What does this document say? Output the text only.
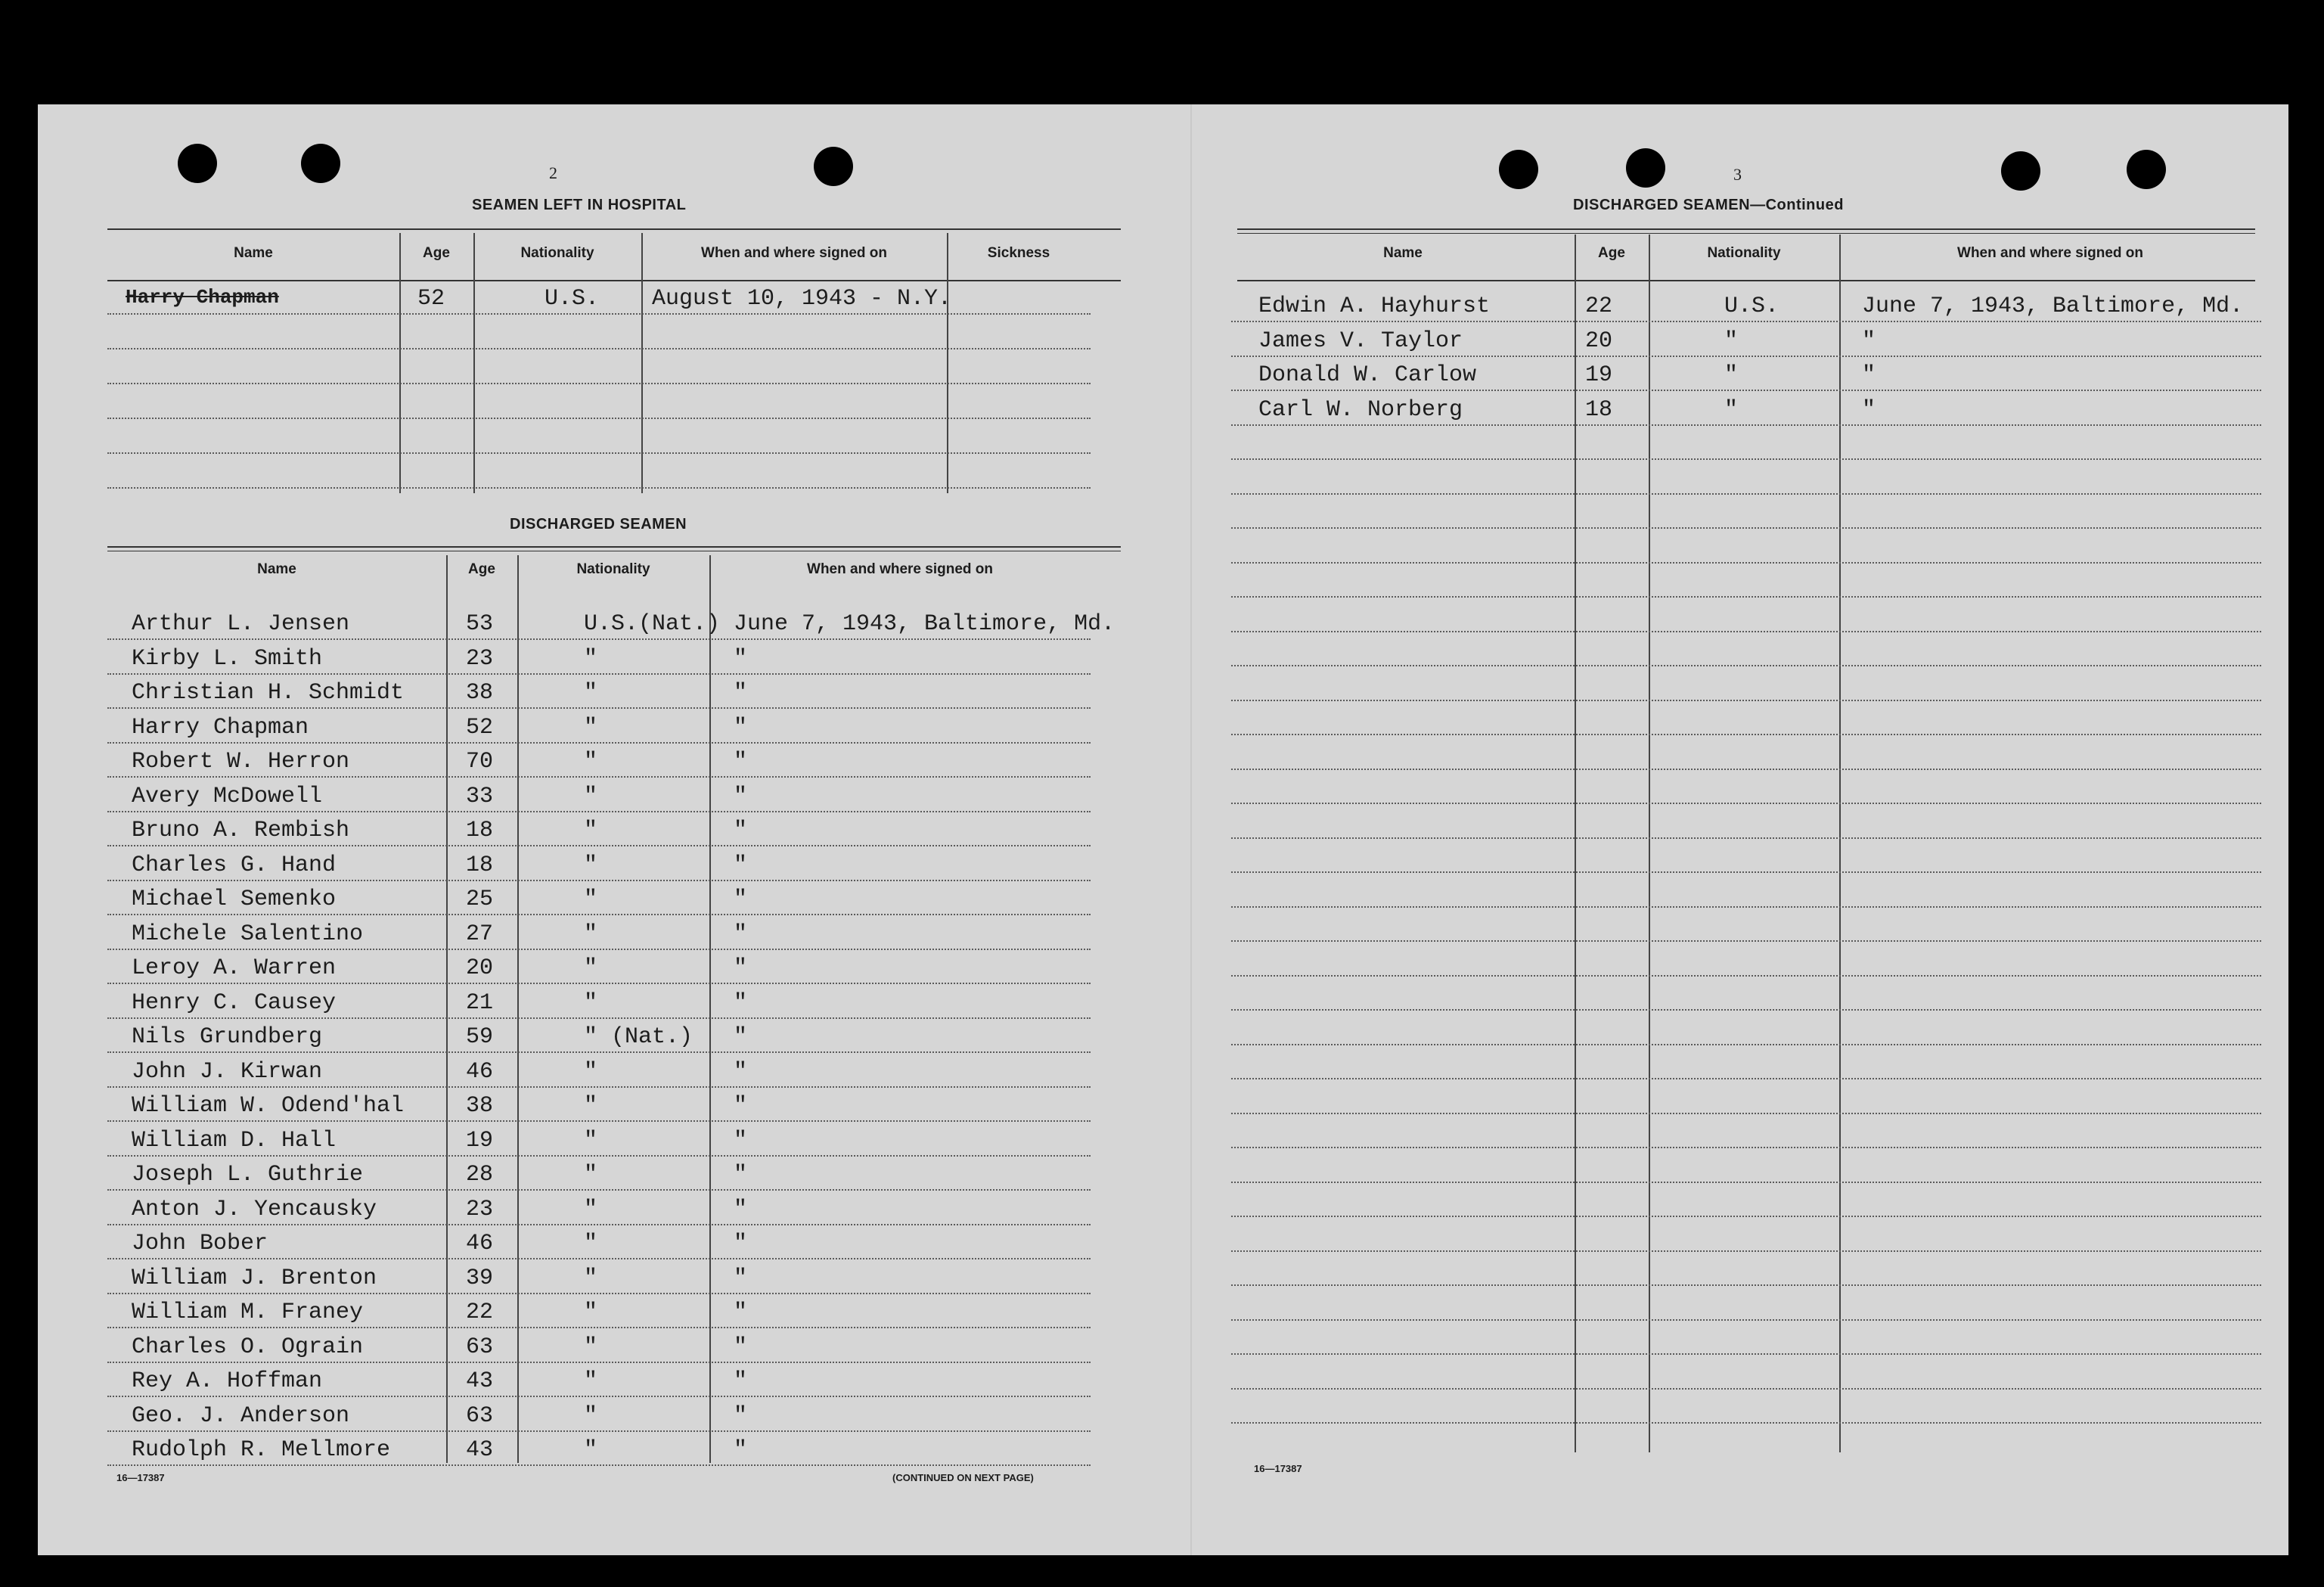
2
SEAMEN LEFT IN HOSPITAL
Name	Age	Nationality	When and where signed on	Sickness
Harry Chapman	52	U.S. August 10, 1943 - N.Y.
DISCHARGED SEAMEN
Name	Age	Nationality	When and where signed on
Arthur L. Jensen	53	U.S.(Nat.) June 7, 1943, Baltimore, Md.
Kirby L. Smith	23	"	"
Christian H. Schmidt	38	"	"
Harry Chapman	52	"	"
Robert W. Herron	70	"	"
Avery McDowell	33	"	"
Bruno A. Rembish	18	"	"
Charles G. Hand	18	"	"
Michael Semenko	25	"	"
Michele Salentino	27	"	"
Leroy A. Warren	20	"	"
Henry C. Causey	21	"	"
Nils Grundberg	59	" (Nat.) "
John J. Kirwan	46	"	"
William W. Odend'hal	38	"	"
William D. Hall	19	"	"
Joseph L. Guthrie	28	"	"
Anton J. Yencausky	23	"	"
John Bober	46	"	"
William J. Brenton	39	"	"
William M. Franey	22	"	"
Charles O. Ograin	63	"	"
Rey A. Hoffman	43	"	"
Geo. J. Anderson	63	"	"
Rudolph R. Mellmore	43	"	"
16—17387	(CONTINUED ON NEXT PAGE)
3
DISCHARGED SEAMEN—Continued
Name	Age	Nationality	When and where signed on
Edwin A. Hayhurst	22	U.S.	June 7, 1943, Baltimore, Md.
James V. Taylor	20	"	"
Donald W. Carlow	19	"	"
Carl W. Norberg	18	"	"
16—17387
